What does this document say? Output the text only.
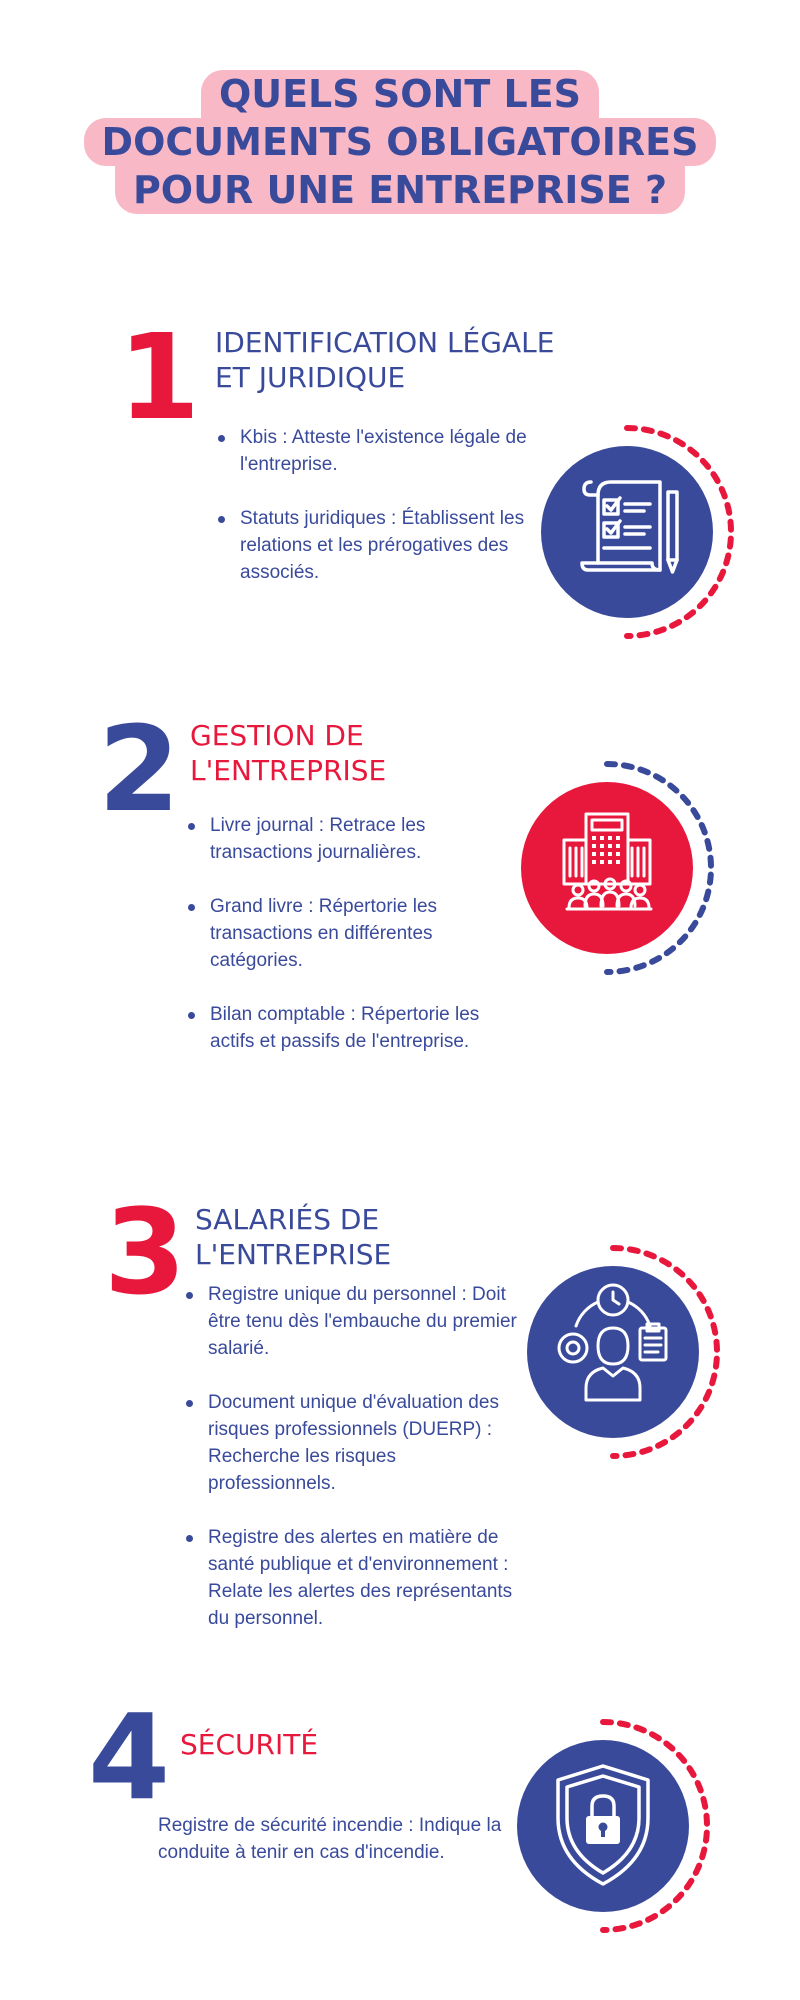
QUELS SONT LES
DOCUMENTS OBLIGATOIRES
POUR UNE ENTREPRISE ?
1 IDENTIFICATION LÉGALE
ET JURIDIQUE
Kbis : Atteste l'existence légale de l'entreprise.
Statuts juridiques : Établissent les relations et les prérogatives des associés.
2 GESTION DE
L'ENTREPRISE
Livre journal : Retrace les transactions journalières.
Grand livre : Répertorie les transactions en différentes catégories.
Bilan comptable : Répertorie les actifs et passifs de l'entreprise.
3 SALARIÉS DE
L'ENTREPRISE
Registre unique du personnel : Doit être tenu dès l'embauche du premier salarié.
Document unique d'évaluation des risques professionnels (DUERP) : Recherche les risques professionnels.
Registre des alertes en matière de santé publique et d'environnement : Relate les alertes des représentants du personnel.
4 SÉCURITÉ
Registre de sécurité incendie : Indique la conduite à tenir en cas d'incendie.
